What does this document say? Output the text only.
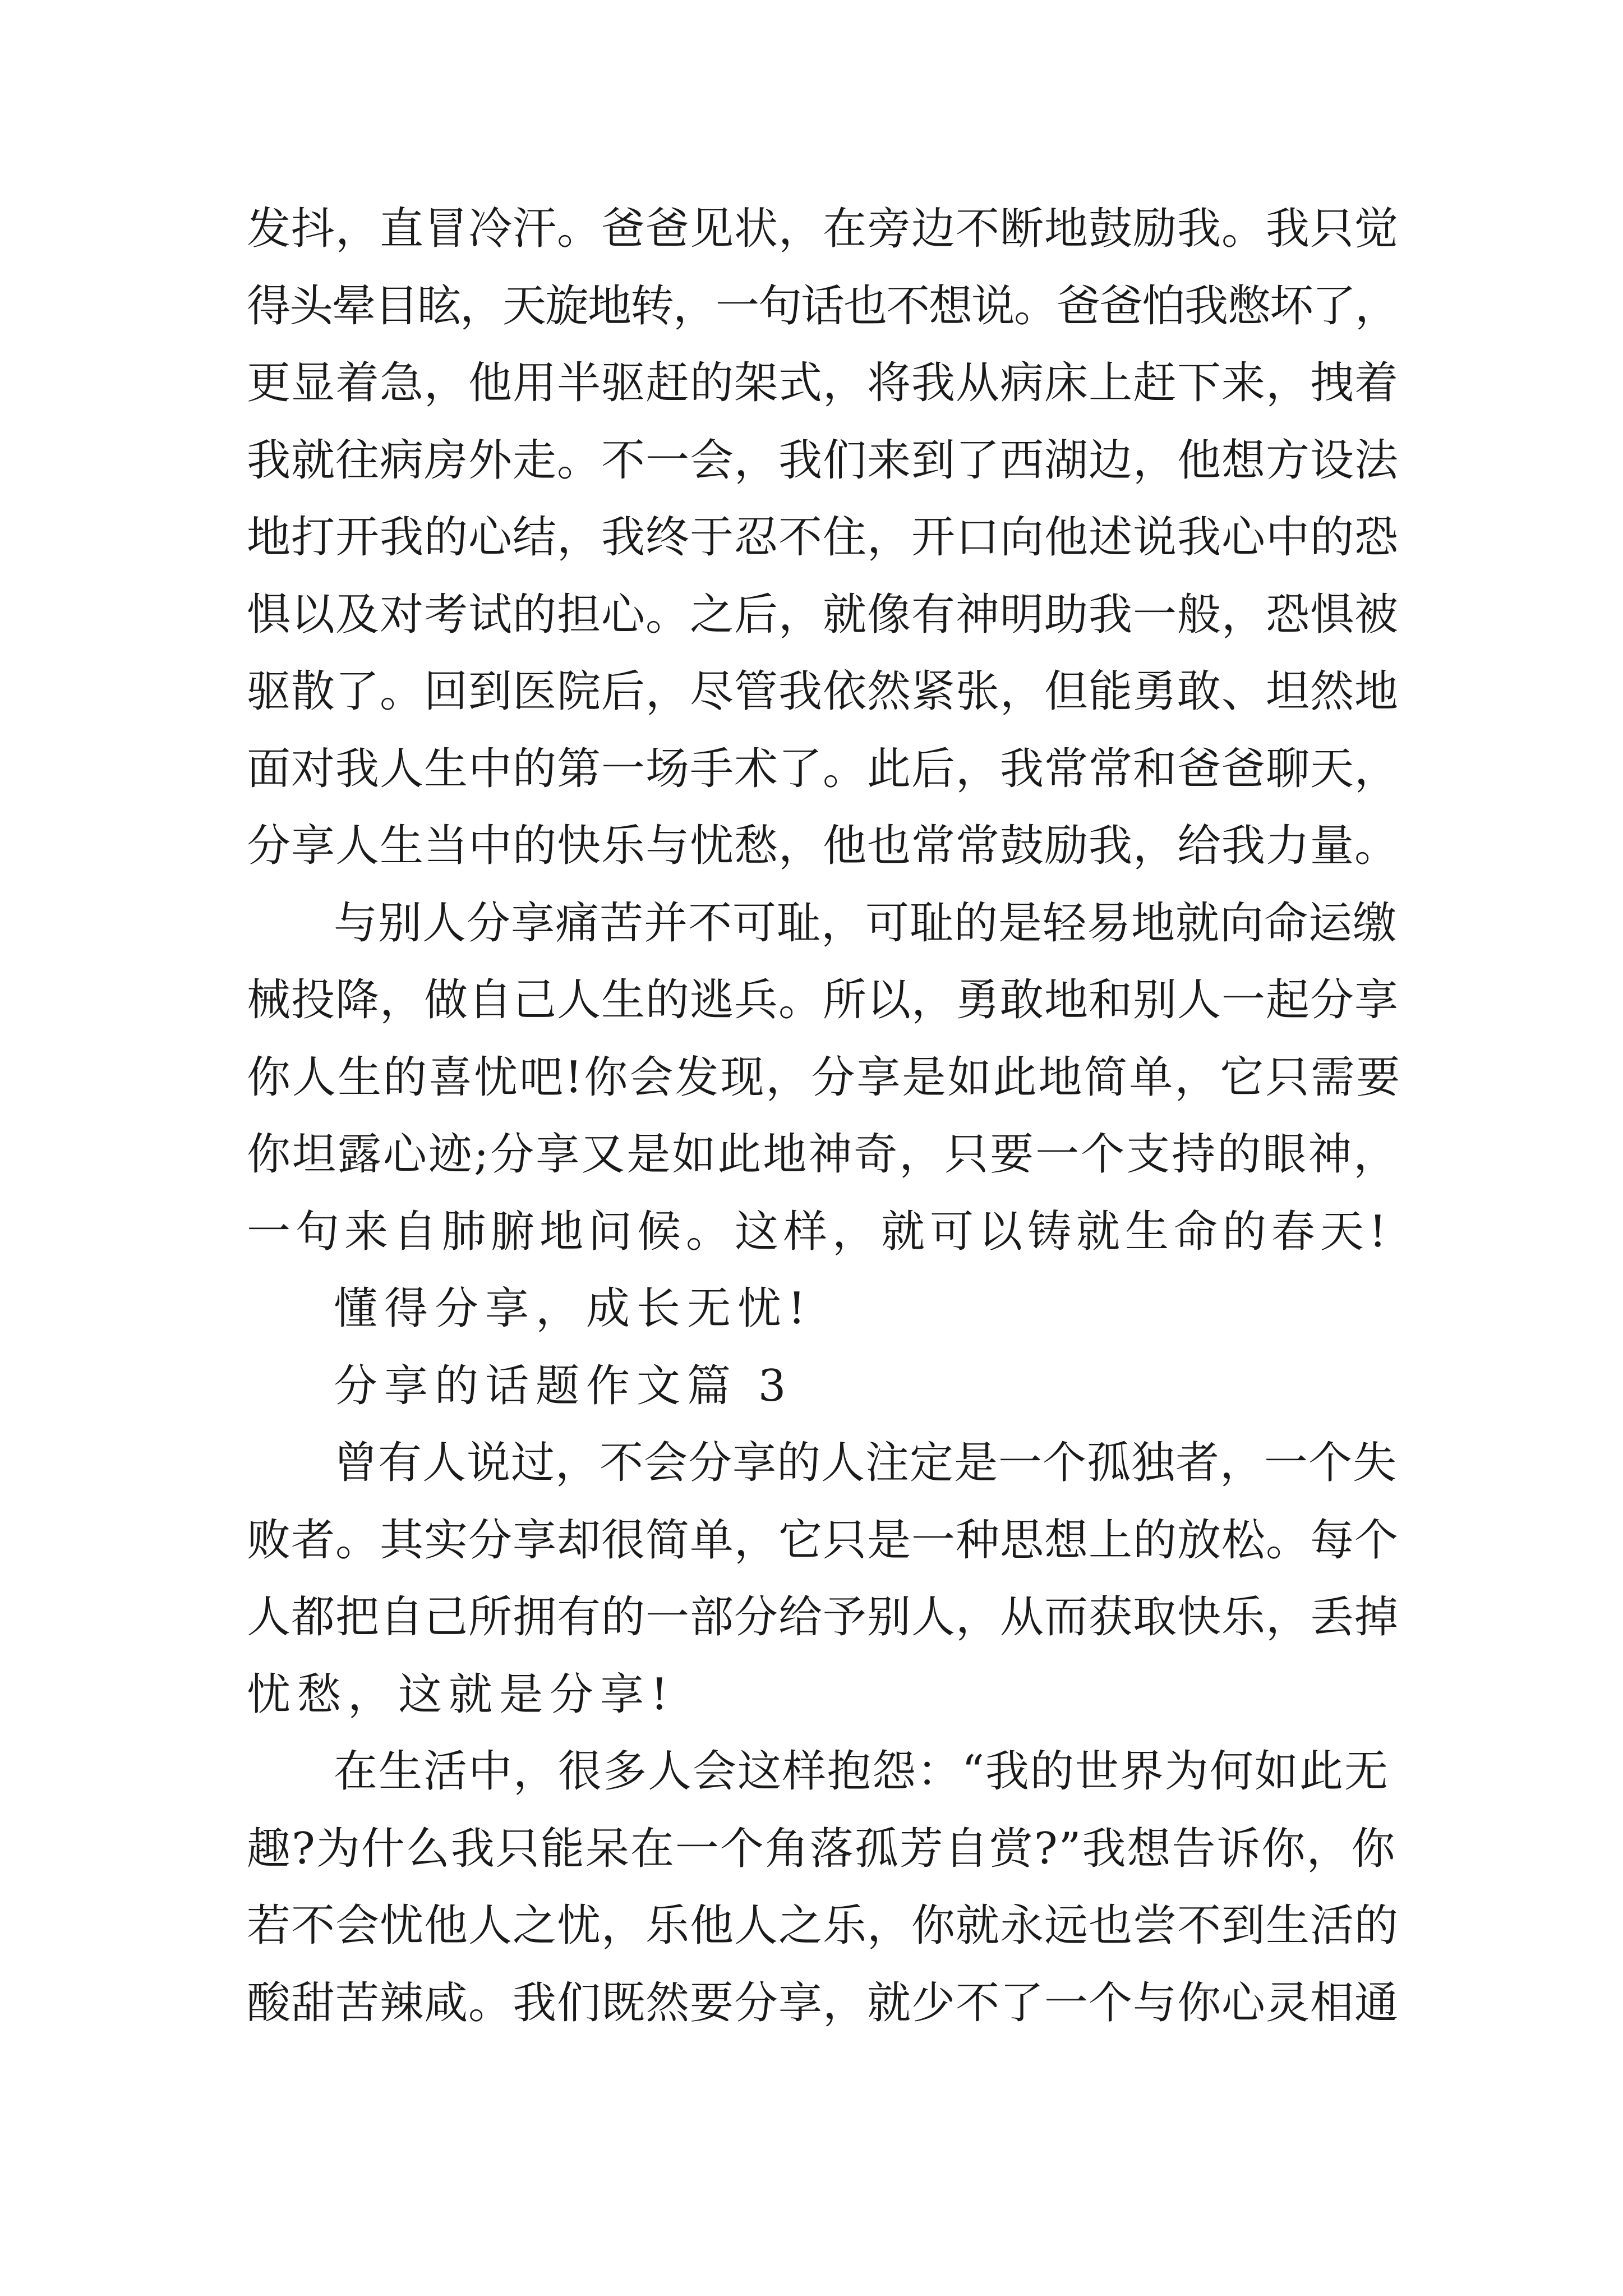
发抖，直冒冷汗。爸爸见状，在旁边不断地鼓励我。我只觉
得头晕目眩，天旋地转，一句话也不想说。爸爸怕我憋坏了，
更显着急，他用半驱赶的架式，将我从病床上赶下来，拽着
我就往病房外走。不一会，我们来到了西湖边，他想方设法
地打开我的心结，我终于忍不住，开口向他述说我心中的恐
惧以及对考试的担心。之后，就像有神明助我一般，恐惧被
驱散了。回到医院后，尽管我依然紧张，但能勇敢、坦然地
面对我人生中的第一场手术了。此后，我常常和爸爸聊天，
分享人生当中的快乐与忧愁，他也常常鼓励我，给我力量。
与别人分享痛苦并不可耻，可耻的是轻易地就向命运缴
械投降，做自己人生的逃兵。所以，勇敢地和别人一起分享
你人生的喜忧吧!你会发现，分享是如此地简单，它只需要
你坦露心迹;分享又是如此地神奇，只要一个支持的眼神，
一句来自肺腑地问候。这样，就可以铸就生命的春天!
懂得分享，成长无忧!
分享的话题作文篇 3
曾有人说过，不会分享的人注定是一个孤独者，一个失
败者。其实分享却很简单，它只是一种思想上的放松。每个
人都把自己所拥有的一部分给予别人，从而获取快乐，丢掉
忧愁，这就是分享!
在生活中，很多人会这样抱怨：“我的世界为何如此无
趣?为什么我只能呆在一个角落孤芳自赏?”我想告诉你，你
若不会忧他人之忧，乐他人之乐，你就永远也尝不到生活的
酸甜苦辣咸。我们既然要分享，就少不了一个与你心灵相通
